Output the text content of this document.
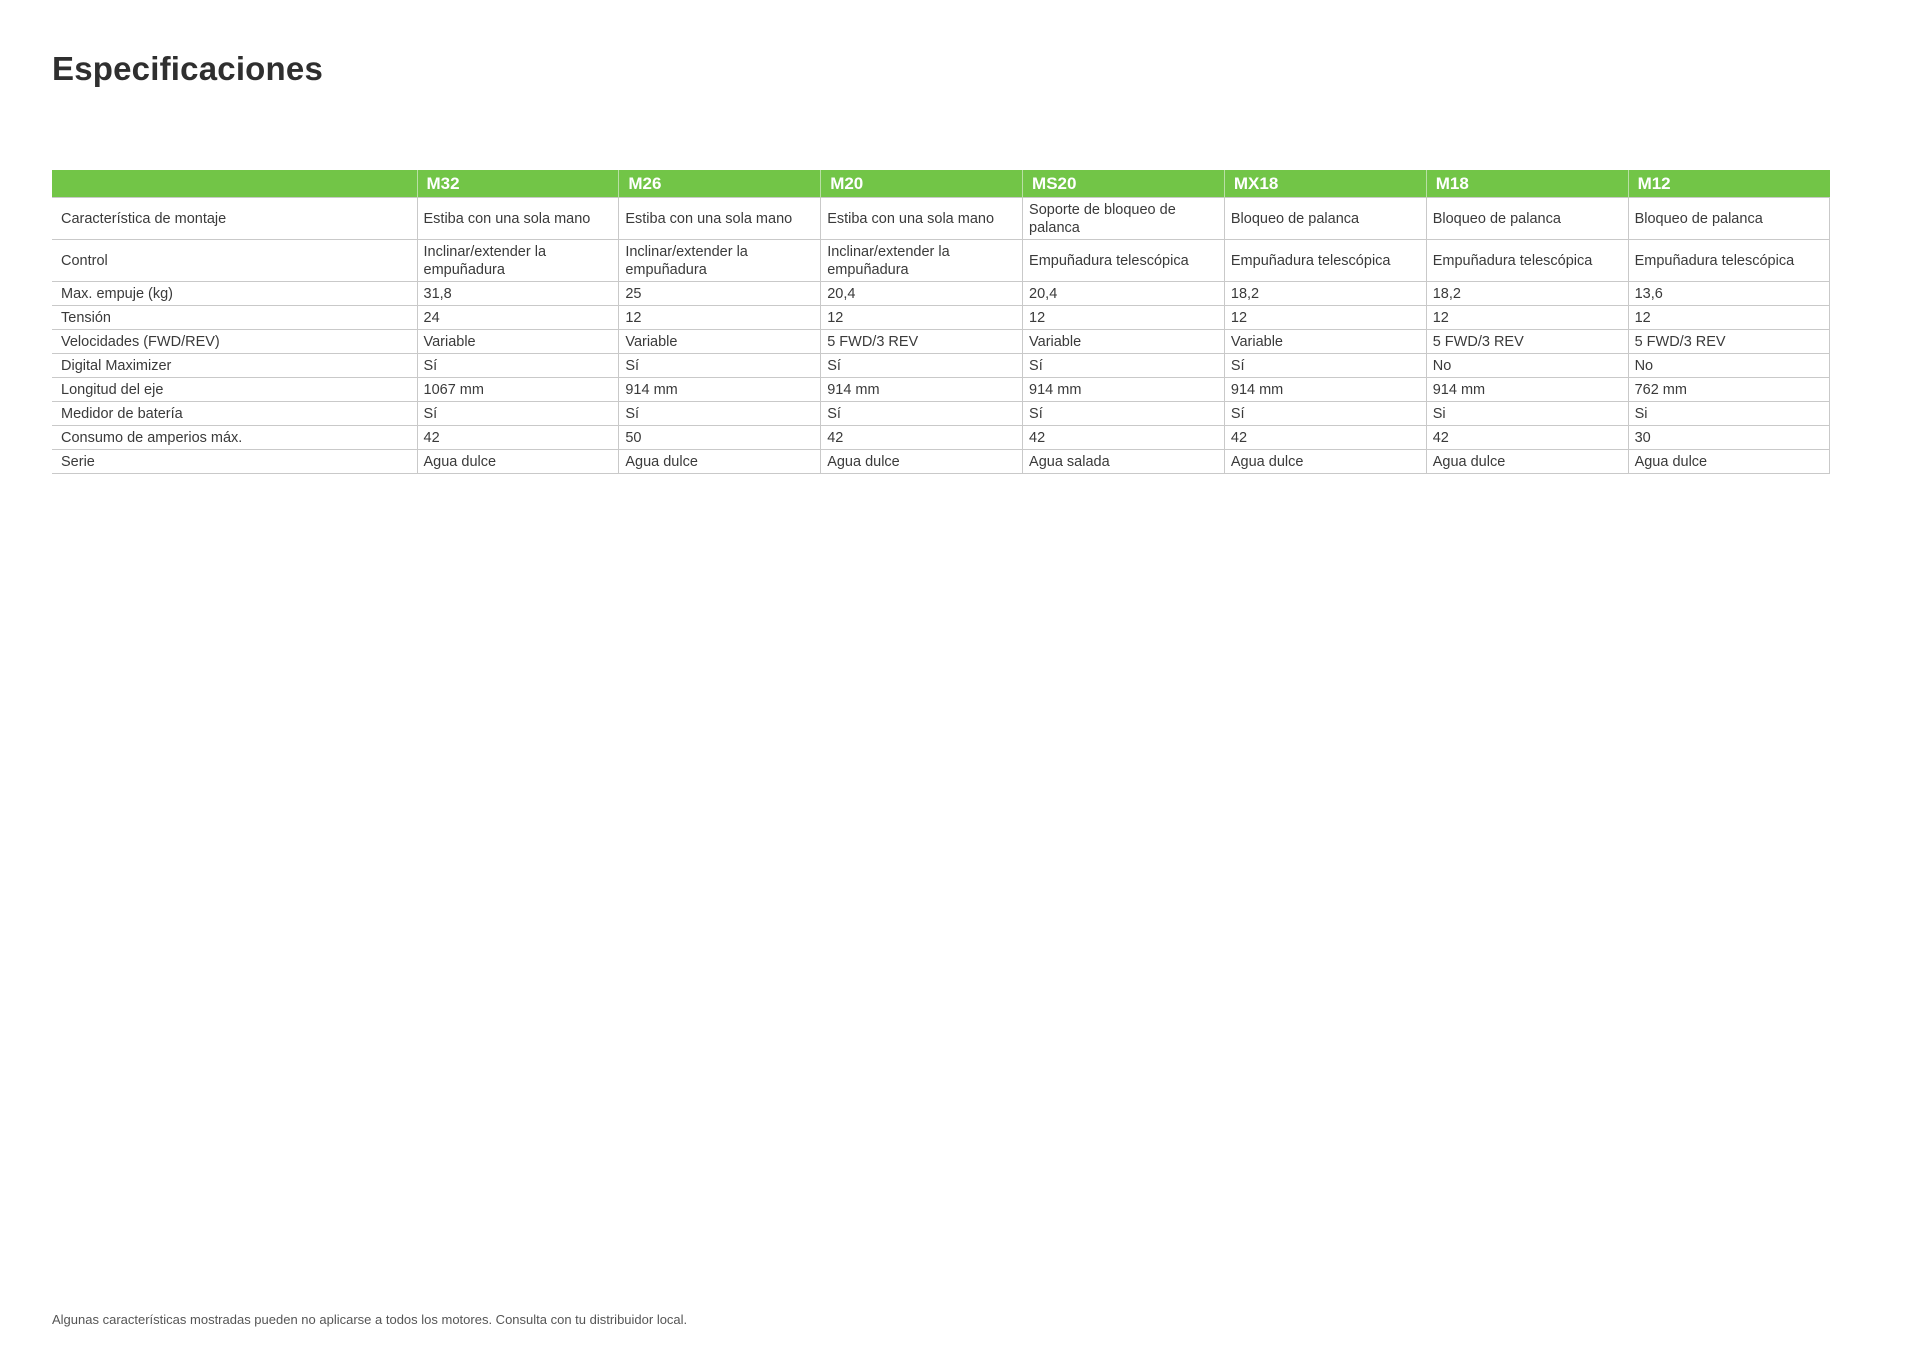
Especificaciones
	M32	M26	M20	MS20	MX18	M18	M12
Característica de montaje	Estiba con una sola mano	Estiba con una sola mano	Estiba con una sola mano	Soporte de bloqueo de palanca	Bloqueo de palanca	Bloqueo de palanca	Bloqueo de palanca
Control	Inclinar/extender la empuñadura	Inclinar/extender la empuñadura	Inclinar/extender la empuñadura	Empuñadura telescópica	Empuñadura telescópica	Empuñadura telescópica	Empuñadura telescópica
Max. empuje (kg)	31,8	25	20,4	20,4	18,2	18,2	13,6
Tensión	24	12	12	12	12	12	12
Velocidades (FWD/REV)	Variable	Variable	5 FWD/3 REV	Variable	Variable	5 FWD/3 REV	5 FWD/3 REV
Digital Maximizer	Sí	Sí	Sí	Sí	Sí	No	No
Longitud del eje	1067 mm	914 mm	914 mm	914 mm	914 mm	914 mm	762 mm
Medidor de batería	Sí	Sí	Sí	Sí	Sí	Si	Si
Consumo de amperios máx.	42	50	42	42	42	42	30
Serie	Agua dulce	Agua dulce	Agua dulce	Agua salada	Agua dulce	Agua dulce	Agua dulce

Algunas características mostradas pueden no aplicarse a todos los motores. Consulta con tu distribuidor local.
